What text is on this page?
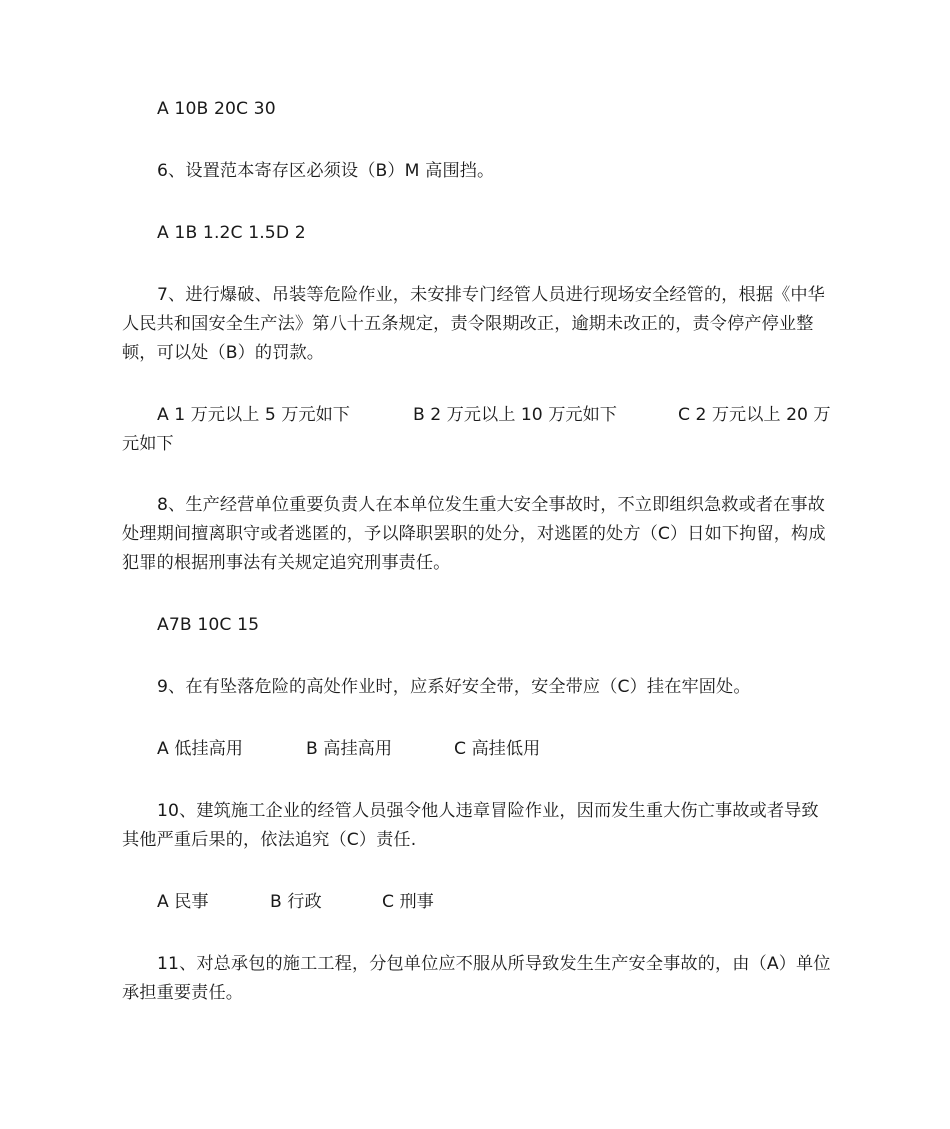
A 10B 20C 30
6、设置范本寄存区必须设（B）M 高围挡。
A 1B 1.2C 1.5D 2
7、进行爆破、吊装等危险作业，未安排专门经管人员进行现场安全经管的，根据《中华人民共和国安全生产法》第八十五条规定，责令限期改正，逾期未改正的，责令停产停业整顿，可以处（B）的罚款。
A 1 万元以上 5 万元如下	B 2 万元以上 10 万元如下	C 2 万元以上 20 万
元如下
8、生产经营单位重要负责人在本单位发生重大安全事故时，不立即组织急救或者在事故处理期间擅离职守或者逃匿的，予以降职罢职的处分，对逃匿的处方（C）日如下拘留，构成犯罪的根据刑事法有关规定追究刑事责任。
A7B 10C 15
9、在有坠落危险的高处作业时，应系好安全带，安全带应（C）挂在牢固处。
A 低挂高用	B 高挂高用	C 高挂低用
10、建筑施工企业的经管人员强令他人违章冒险作业，因而发生重大伤亡事故或者导致其他严重后果的，依法追究（C）责任.
A 民事	B 行政	C 刑事
11、对总承包的施工工程，分包单位应不服从所导致发生生产安全事故的，由（A）单位承担重要责任。
